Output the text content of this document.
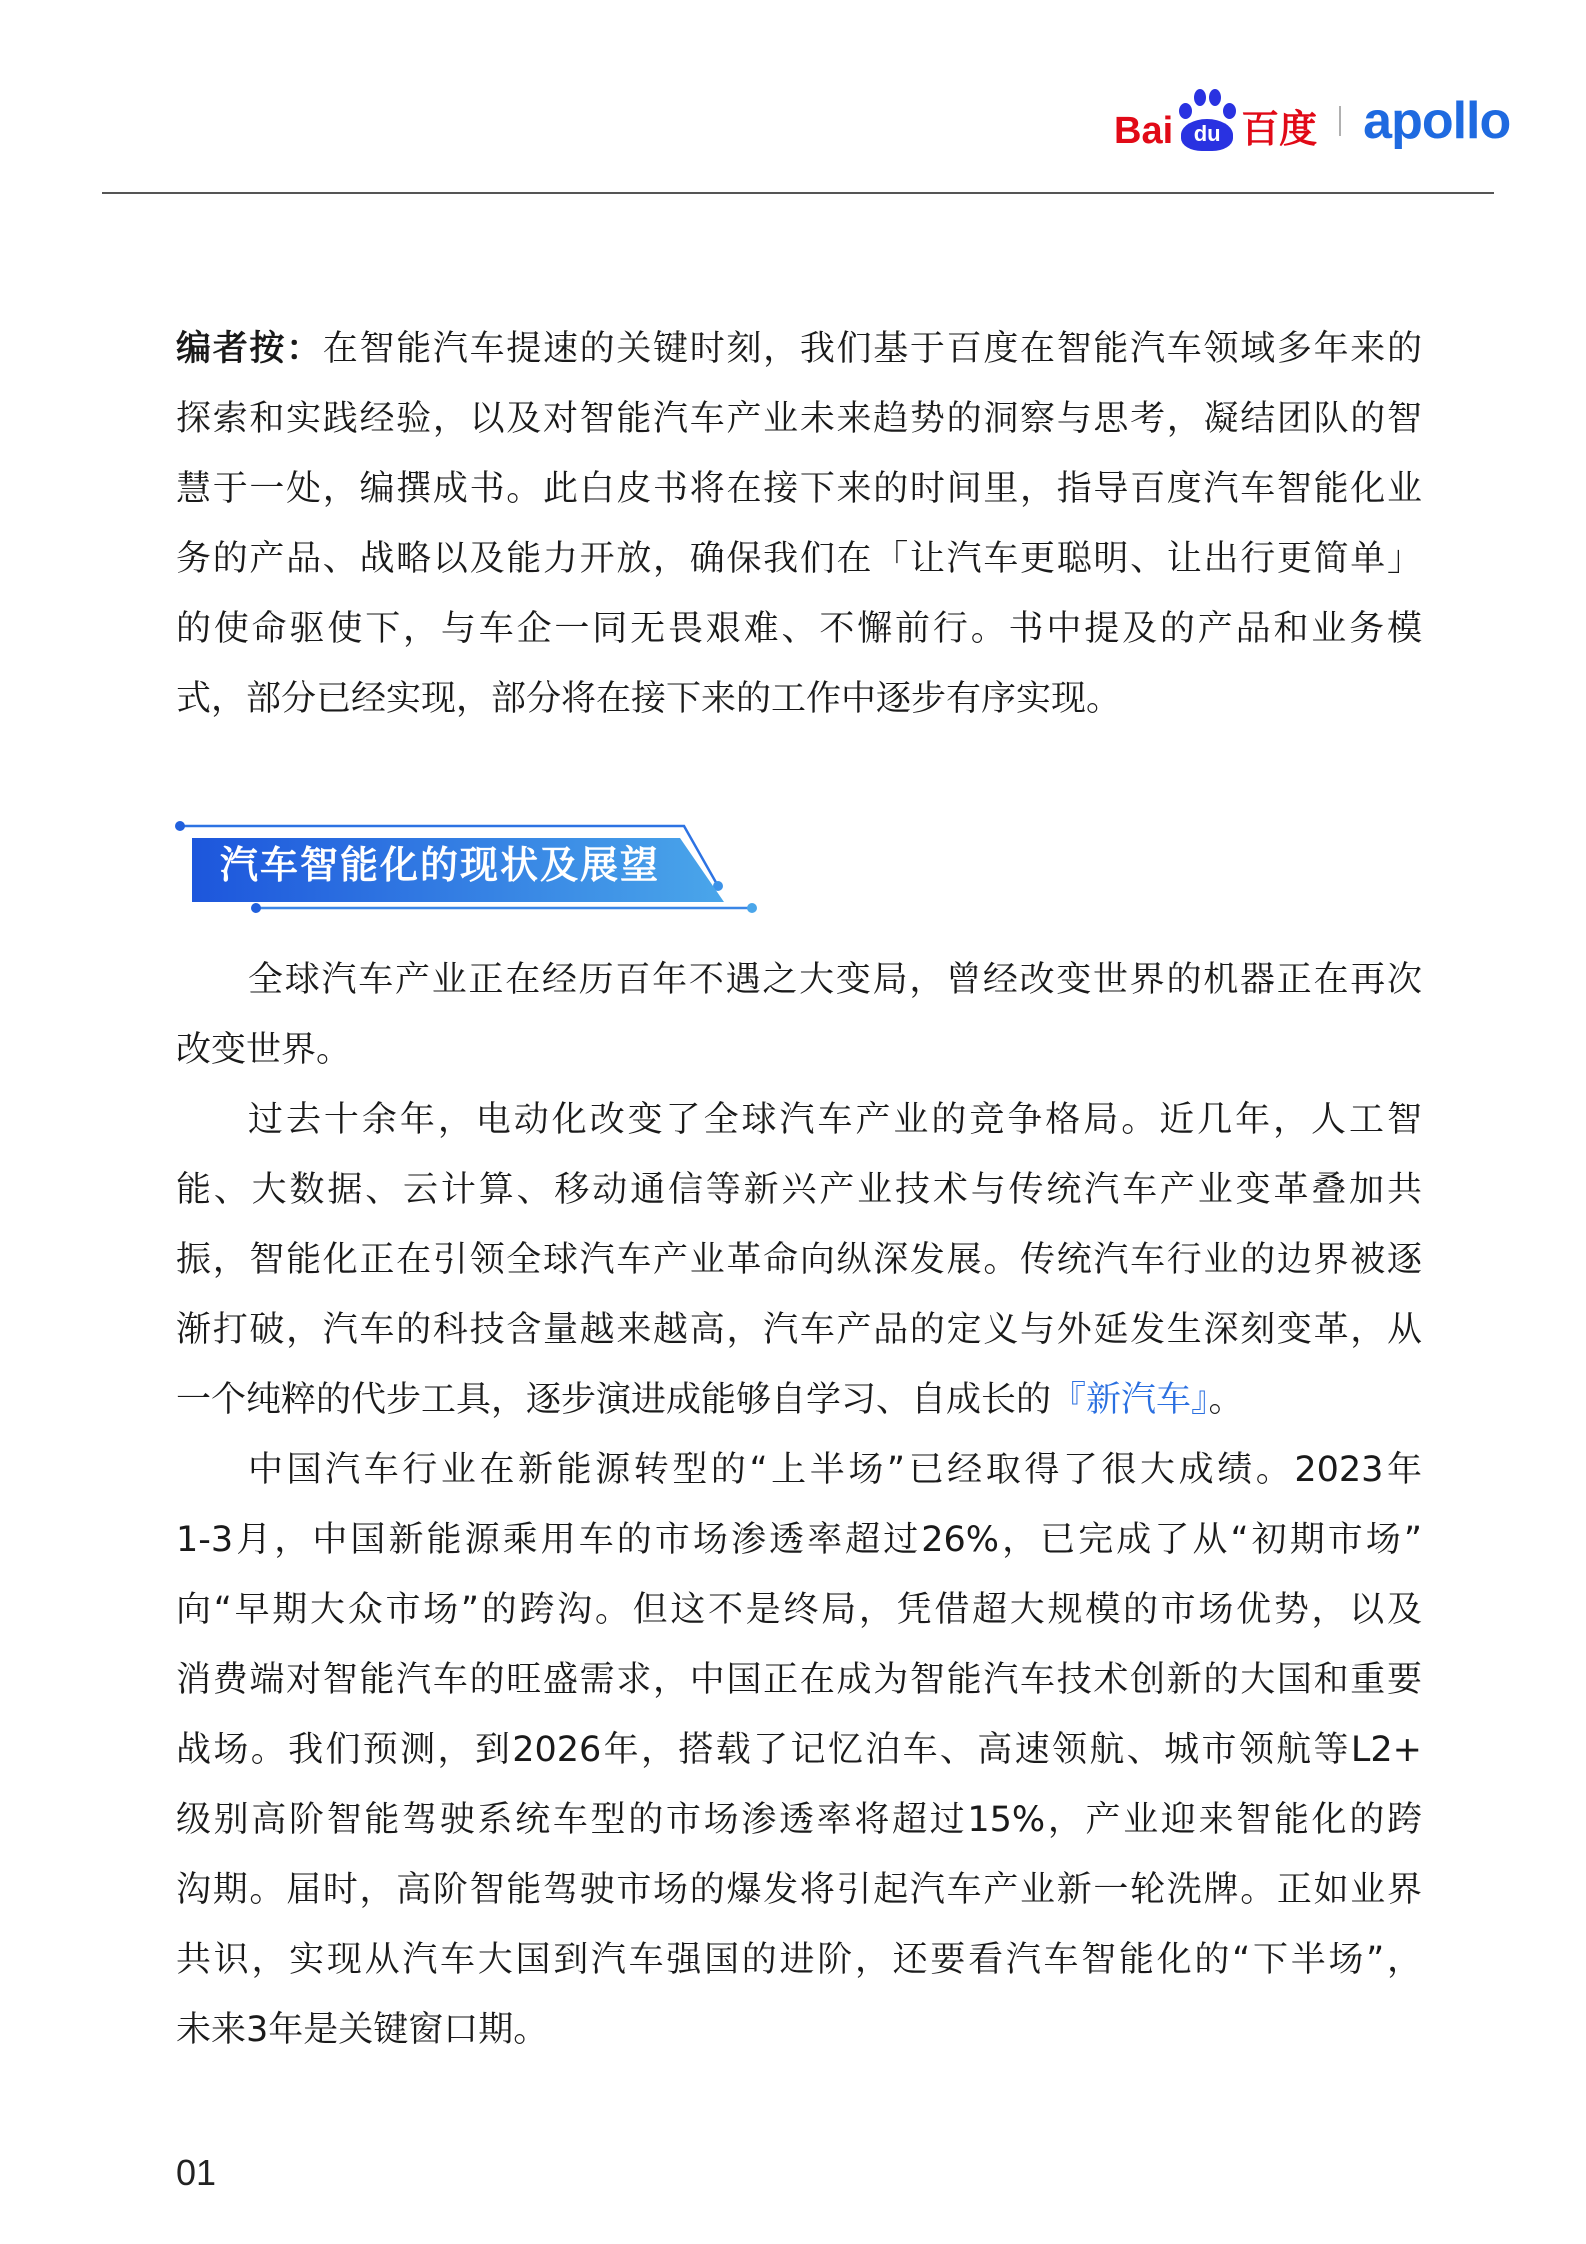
Bai du 百度 apollo
编者按：在智能汽车提速的关键时刻，我们基于百度在智能汽车领域多年来的
探索和实践经验，以及对智能汽车产业未来趋势的洞察与思考，凝结团队的智
慧于一处，编撰成书。此白皮书将在接下来的时间里，指导百度汽车智能化业
务的产品、战略以及能力开放，确保我们在「让汽车更聪明、让出行更简单」
的使命驱使下，与车企一同无畏艰难、不懈前行。书中提及的产品和业务模
式，部分已经实现，部分将在接下来的工作中逐步有序实现。
汽车智能化的现状及展望
全球汽车产业正在经历百年不遇之大变局，曾经改变世界的机器正在再次
改变世界。
过去十余年，电动化改变了全球汽车产业的竞争格局。近几年，人工智
能、大数据、云计算、移动通信等新兴产业技术与传统汽车产业变革叠加共
振，智能化正在引领全球汽车产业革命向纵深发展。传统汽车行业的边界被逐
渐打破，汽车的科技含量越来越高，汽车产品的定义与外延发生深刻变革，从
一个纯粹的代步工具，逐步演进成能够自学习、自成长的『新汽车』。
中国汽车行业在新能源转型的“上半场”已经取得了很大成绩。2023年
1-3月，中国新能源乘用车的市场渗透率超过26%，已完成了从“初期市场”
向“早期大众市场”的跨沟。但这不是终局，凭借超大规模的市场优势，以及
消费端对智能汽车的旺盛需求，中国正在成为智能汽车技术创新的大国和重要
战场。我们预测，到2026年，搭载了记忆泊车、高速领航、城市领航等L2+
级别高阶智能驾驶系统车型的市场渗透率将超过15%，产业迎来智能化的跨
沟期。届时，高阶智能驾驶市场的爆发将引起汽车产业新一轮洗牌。正如业界
共识，实现从汽车大国到汽车强国的进阶，还要看汽车智能化的“下半场”，
未来3年是关键窗口期。
01
